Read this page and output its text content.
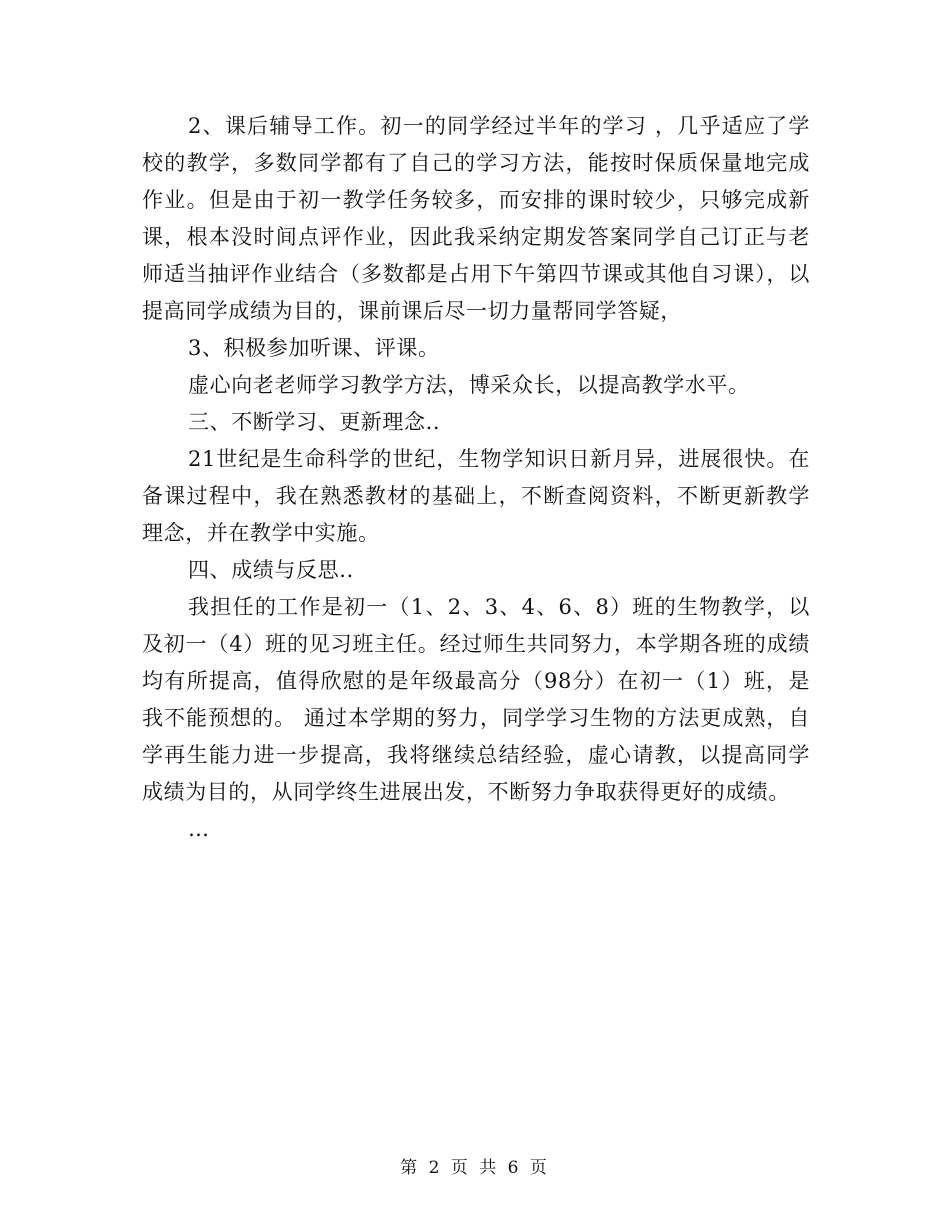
2、课后辅导工作。初一的同学经过半年的学习 ，几乎适应了学校的教学，多数同学都有了自己的学习方法，能按时保质保量地完成作业。但是由于初一教学任务较多，而安排的课时较少，只够完成新课，根本没时间点评作业，因此我采纳定期发答案同学自己订正与老师适当抽评作业结合（多数都是占用下午第四节课或其他自习课），以提高同学成绩为目的，课前课后尽一切力量帮同学答疑，

3、积极参加听课、评课。

虚心向老老师学习教学方法，博采众长，以提高教学水平。

三、不断学习、更新理念..

21世纪是生命科学的世纪，生物学知识日新月异，进展很快。在备课过程中，我在熟悉教材的基础上，不断查阅资料，不断更新教学理念，并在教学中实施。

四、成绩与反思..

我担任的工作是初一（1、2、3、4、6、8）班的生物教学，以及初一（4）班的见习班主任。经过师生共同努力，本学期各班的成绩均有所提高，值得欣慰的是年级最高分（98分）在初一（1）班，是我不能预想的。 通过本学期的努力，同学学习生物的方法更成熟，自学再生能力进一步提高，我将继续总结经验，虚心请教，以提高同学成绩为目的，从同学终生进展出发，不断努力争取获得更好的成绩。

…

第 2 页 共 6 页
